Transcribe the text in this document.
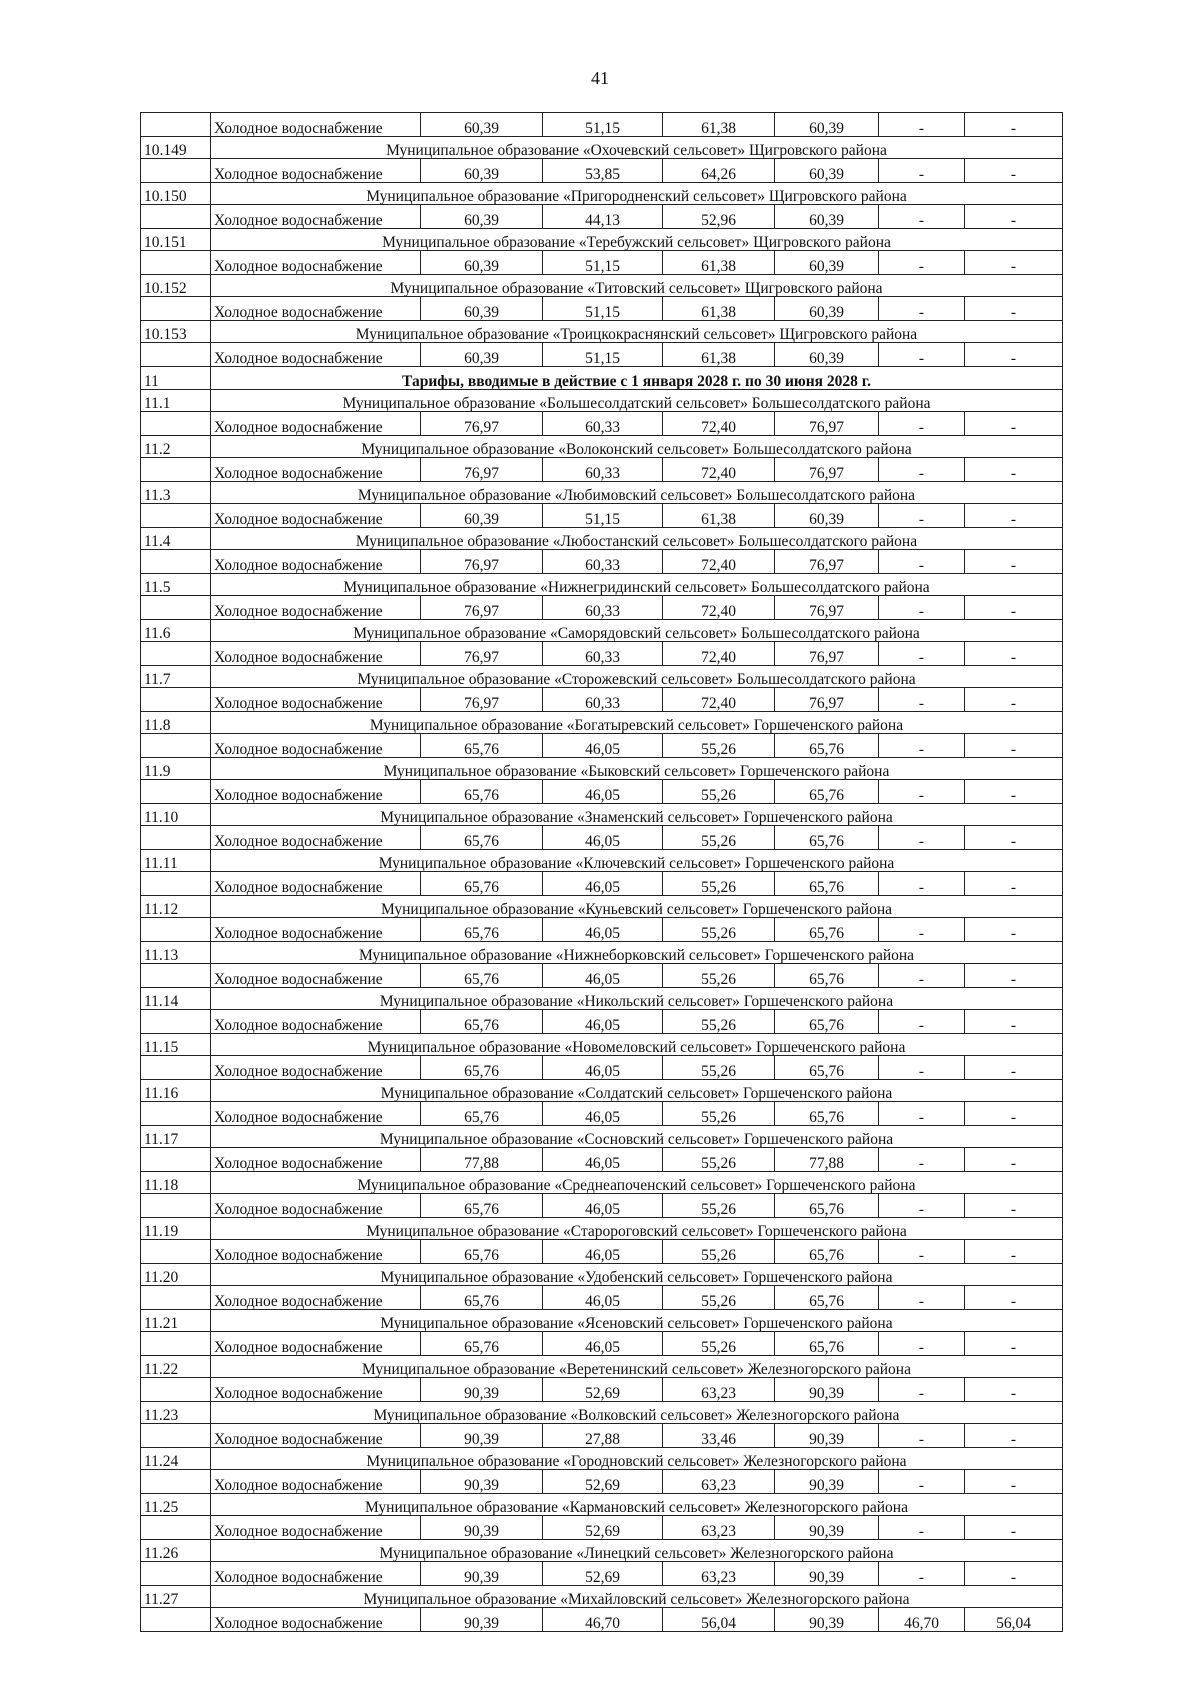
41
	Холодное водоснабжение	60,39	51,15	61,38	60,39	-	-
10.149	Муниципальное образование «Охочевский сельсовет» Щигровского района						
	Холодное водоснабжение	60,39	53,85	64,26	60,39	-	-
10.150	Муниципальное образование «Пригородненский сельсовет» Щигровского района						
	Холодное водоснабжение	60,39	44,13	52,96	60,39	-	-
10.151	Муниципальное образование «Теребужский сельсовет» Щигровского района						
	Холодное водоснабжение	60,39	51,15	61,38	60,39	-	-
10.152	Муниципальное образование «Титовский сельсовет» Щигровского района						
	Холодное водоснабжение	60,39	51,15	61,38	60,39	-	-
10.153	Муниципальное образование «Троицкокраснянский сельсовет» Щигровского района						
	Холодное водоснабжение	60,39	51,15	61,38	60,39	-	-
11	Тарифы, вводимые в действие с 1 января 2028 г. по 30 июня 2028 г.						
11.1	Муниципальное образование «Большесолдатский сельсовет» Большесолдатского района						
	Холодное водоснабжение	76,97	60,33	72,40	76,97	-	-
11.2	Муниципальное образование «Волоконский сельсовет» Большесолдатского района						
	Холодное водоснабжение	76,97	60,33	72,40	76,97	-	-
11.3	Муниципальное образование «Любимовский сельсовет» Большесолдатского района						
	Холодное водоснабжение	60,39	51,15	61,38	60,39	-	-
11.4	Муниципальное образование «Любостанский сельсовет» Большесолдатского района						
	Холодное водоснабжение	76,97	60,33	72,40	76,97	-	-
11.5	Муниципальное образование «Нижнегридинский сельсовет» Большесолдатского района						
	Холодное водоснабжение	76,97	60,33	72,40	76,97	-	-
11.6	Муниципальное образование «Саморядовский сельсовет» Большесолдатского района						
	Холодное водоснабжение	76,97	60,33	72,40	76,97	-	-
11.7	Муниципальное образование «Сторожевский сельсовет» Большесолдатского района						
	Холодное водоснабжение	76,97	60,33	72,40	76,97	-	-
11.8	Муниципальное образование «Богатыревский сельсовет» Горшеченского района						
	Холодное водоснабжение	65,76	46,05	55,26	65,76	-	-
11.9	Муниципальное образование «Быковский сельсовет» Горшеченского района						
	Холодное водоснабжение	65,76	46,05	55,26	65,76	-	-
11.10	Муниципальное образование «Знаменский сельсовет» Горшеченского района						
	Холодное водоснабжение	65,76	46,05	55,26	65,76	-	-
11.11	Муниципальное образование «Ключевский сельсовет» Горшеченского района						
	Холодное водоснабжение	65,76	46,05	55,26	65,76	-	-
11.12	Муниципальное образование «Куньевский сельсовет» Горшеченского района						
	Холодное водоснабжение	65,76	46,05	55,26	65,76	-	-
11.13	Муниципальное образование «Нижнеборковский сельсовет» Горшеченского района						
	Холодное водоснабжение	65,76	46,05	55,26	65,76	-	-
11.14	Муниципальное образование «Никольский сельсовет» Горшеченского района						
	Холодное водоснабжение	65,76	46,05	55,26	65,76	-	-
11.15	Муниципальное образование «Новомеловский сельсовет» Горшеченского района						
	Холодное водоснабжение	65,76	46,05	55,26	65,76	-	-
11.16	Муниципальное образование «Солдатский сельсовет» Горшеченского района						
	Холодное водоснабжение	65,76	46,05	55,26	65,76	-	-
11.17	Муниципальное образование «Сосновский сельсовет» Горшеченского района						
	Холодное водоснабжение	77,88	46,05	55,26	77,88	-	-
11.18	Муниципальное образование «Среднеапоченский сельсовет» Горшеченского района						
	Холодное водоснабжение	65,76	46,05	55,26	65,76	-	-
11.19	Муниципальное образование «Старороговский сельсовет» Горшеченского района						
	Холодное водоснабжение	65,76	46,05	55,26	65,76	-	-
11.20	Муниципальное образование «Удобенский сельсовет» Горшеченского района						
	Холодное водоснабжение	65,76	46,05	55,26	65,76	-	-
11.21	Муниципальное образование «Ясеновский сельсовет» Горшеченского района						
	Холодное водоснабжение	65,76	46,05	55,26	65,76	-	-
11.22	Муниципальное образование «Веретенинский сельсовет» Железногорского района						
	Холодное водоснабжение	90,39	52,69	63,23	90,39	-	-
11.23	Муниципальное образование «Волковский сельсовет» Железногорского района						
	Холодное водоснабжение	90,39	27,88	33,46	90,39	-	-
11.24	Муниципальное образование «Городновский сельсовет» Железногорского района						
	Холодное водоснабжение	90,39	52,69	63,23	90,39	-	-
11.25	Муниципальное образование «Кармановский сельсовет» Железногорского района						
	Холодное водоснабжение	90,39	52,69	63,23	90,39	-	-
11.26	Муниципальное образование «Линецкий сельсовет» Железногорского района						
	Холодное водоснабжение	90,39	52,69	63,23	90,39	-	-
11.27	Муниципальное образование «Михайловский сельсовет» Железногорского района						
	Холодное водоснабжение	90,39	46,70	56,04	90,39	46,70	56,04
